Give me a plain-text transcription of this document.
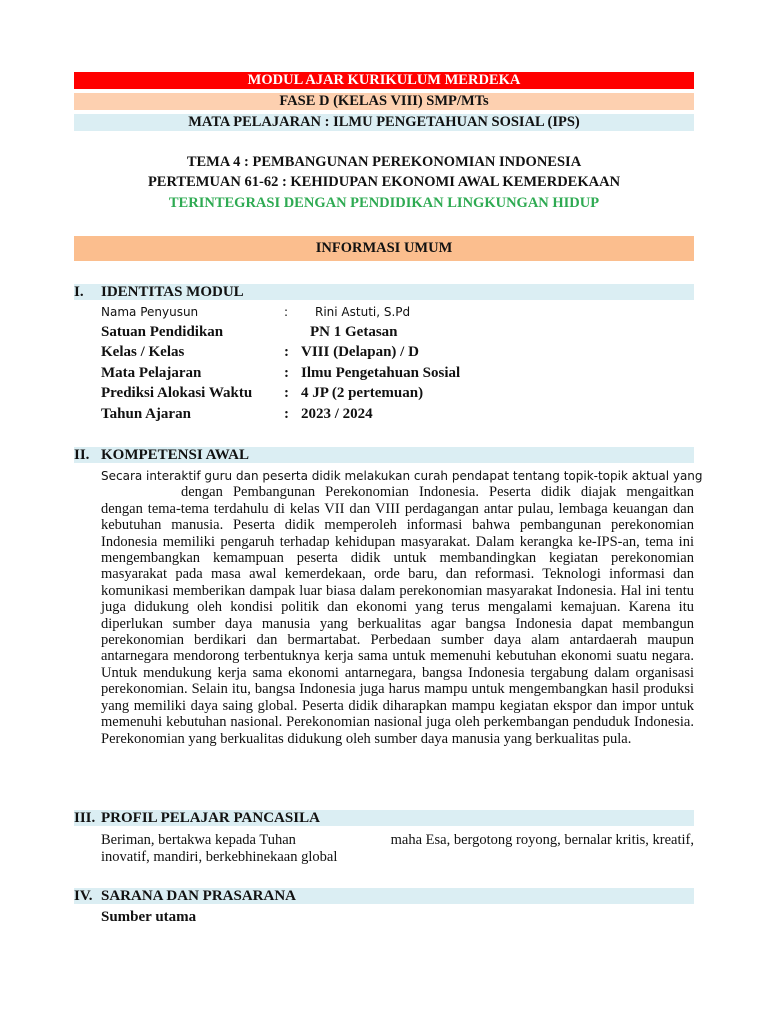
MODUL AJAR KURIKULUM MERDEKA
FASE D (KELAS VIII) SMP/MTs
MATA PELAJARAN : ILMU PENGETAHUAN SOSIAL (IPS)
TEMA 4 : PEMBANGUNAN PEREKONOMIAN INDONESIA
PERTEMUAN 61-62 : KEHIDUPAN EKONOMI AWAL KEMERDEKAAN
TERINTEGRASI DENGAN PENDIDIKAN LINGKUNGAN HIDUP
INFORMASI UMUM
I. IDENTITAS MODUL
Nama Penyusun	: Rini Astuti, S.Pd
Satuan Pendidikan	PN 1 Getasan
Kelas / Kelas	: VIII (Delapan) / D
Mata Pelajaran	: Ilmu Pengetahuan Sosial
Prediksi Alokasi Waktu : 4 JP (2 pertemuan)
Tahun Ajaran	: 2023 / 2024
II. KOMPETENSI AWAL
Secara interaktif guru dan peserta didik melakukan curah pendapat tentang topik-topik aktual yang
dengan Pembangunan Perekonomian Indonesia. Peserta didik diajak mengaitkan dengan tema-tema terdahulu di kelas VII dan VIII perdagangan antar pulau, lembaga keuangan dan kebutuhan manusia. Peserta didik memperoleh informasi bahwa pembangunan perekonomian Indonesia memiliki pengaruh terhadap kehidupan masyarakat. Dalam kerangka ke-IPS-an, tema ini mengembangkan kemampuan peserta didik untuk membandingkan kegiatan perekonomian masyarakat pada masa awal kemerdekaan, orde baru, dan reformasi. Teknologi informasi dan komunikasi memberikan dampak luar biasa dalam perekonomian masyarakat Indonesia. Hal ini tentu juga didukung oleh kondisi politik dan ekonomi yang terus mengalami kemajuan. Karena itu diperlukan sumber daya manusia yang berkualitas agar bangsa Indonesia dapat membangun perekonomian berdikari dan bermartabat. Perbedaan sumber daya alam antardaerah maupun antarnegara mendorong terbentuknya kerja sama untuk memenuhi kebutuhan ekonomi suatu negara. Untuk mendukung kerja sama ekonomi antarnegara, bangsa Indonesia tergabung dalam organisasi perekonomian. Selain itu, bangsa Indonesia juga harus mampu untuk mengembangkan hasil produksi yang memiliki daya saing global. Peserta didik diharapkan mampu kegiatan ekspor dan impor untuk memenuhi kebutuhan nasional. Perekonomian nasional juga oleh perkembangan penduduk Indonesia. Perekonomian yang berkualitas didukung oleh sumber daya manusia yang berkualitas pula.
III. PROFIL PELAJAR PANCASILA
Beriman, bertakwa kepada Tuhan	maha Esa, bergotong royong, bernalar kritis, kreatif,
inovatif, mandiri, berkebhinekaan global
IV. SARANA DAN PRASARANA
Sumber utama
